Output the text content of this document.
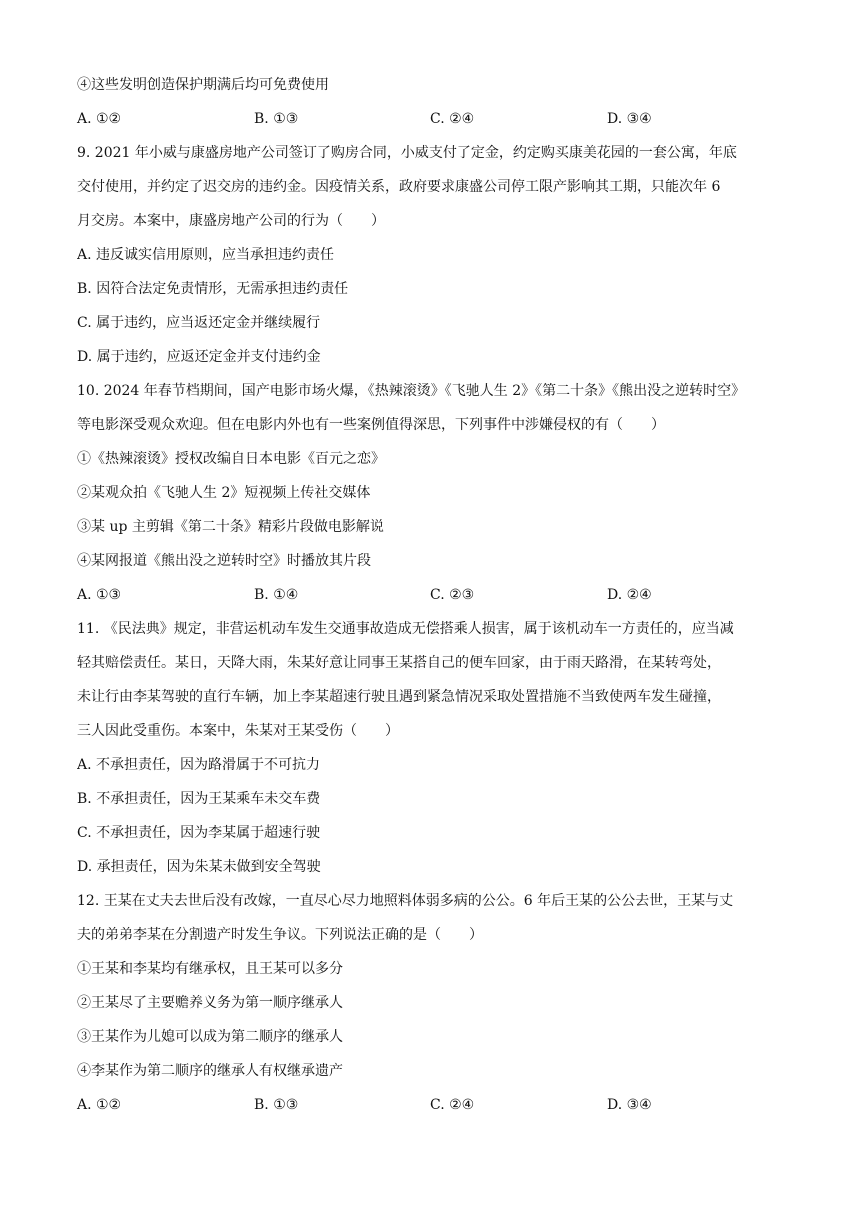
④这些发明创造保护期满后均可免费使用
A. ①②	B. ①③	C. ②④	D. ③④
9. 2021 年小威与康盛房地产公司签订了购房合同，小威支付了定金，约定购买康美花园的一套公寓，年底
交付使用，并约定了迟交房的违约金。因疫情关系，政府要求康盛公司停工限产影响其工期，只能次年 6
月交房。本案中，康盛房地产公司的行为（　　）
A. 违反诚实信用原则，应当承担违约责任
B. 因符合法定免责情形，无需承担违约责任
C. 属于违约，应当返还定金并继续履行
D. 属于违约，应返还定金并支付违约金
10. 2024 年春节档期间，国产电影市场火爆，《热辣滚烫》《飞驰人生 2》《第二十条》《熊出没之逆转时空》
等电影深受观众欢迎。但在电影内外也有一些案例值得深思，下列事件中涉嫌侵权的有（　　）
①《热辣滚烫》授权改编自日本电影《百元之恋》
②某观众拍《飞驰人生 2》短视频上传社交媒体
③某 up 主剪辑《第二十条》精彩片段做电影解说
④某网报道《熊出没之逆转时空》时播放其片段
A. ①③	B. ①④	C. ②③	D. ②④
11. 《民法典》规定，非营运机动车发生交通事故造成无偿搭乘人损害，属于该机动车一方责任的，应当减
轻其赔偿责任。某日，天降大雨，朱某好意让同事王某搭自己的便车回家，由于雨天路滑，在某转弯处，
未让行由李某驾驶的直行车辆，加上李某超速行驶且遇到紧急情况采取处置措施不当致使两车发生碰撞，
三人因此受重伤。本案中，朱某对王某受伤（　　）
A. 不承担责任，因为路滑属于不可抗力
B. 不承担责任，因为王某乘车未交车费
C. 不承担责任，因为李某属于超速行驶
D. 承担责任，因为朱某未做到安全驾驶
12. 王某在丈夫去世后没有改嫁，一直尽心尽力地照料体弱多病的公公。6 年后王某的公公去世，王某与丈
夫的弟弟李某在分割遗产时发生争议。下列说法正确的是（　　）
①王某和李某均有继承权，且王某可以多分
②王某尽了主要赡养义务为第一顺序继承人
③王某作为儿媳可以成为第二顺序的继承人
④李某作为第二顺序的继承人有权继承遗产
A. ①②	B. ①③	C. ②④	D. ③④
